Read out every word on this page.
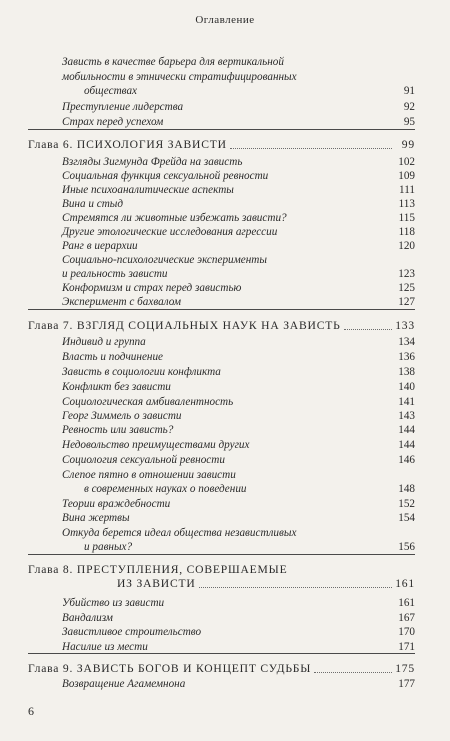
Оглавление
Зависть в качестве барьера для вертикальной
мобильности в этнически стратифицированных
обществах	91
Преступление лидерства	92
Страх перед успехом	95
Глава 6. ПСИХОЛОГИЯ ЗАВИСТИ	99
Взгляды Зигмунда Фрейда на зависть	102
Социальная функция сексуальной ревности	109
Иные психоаналитические аспекты	111
Вина и стыд	113
Стремятся ли животные избежать зависти?	115
Другие этологические исследования агрессии	118
Ранг в иерархии	120
Социально-психологические эксперименты
и реальность зависти	123
Конформизм и страх перед завистью	125
Эксперимент с бахвалом	127
Глава 7. ВЗГЛЯД СОЦИАЛЬНЫХ НАУК НА ЗАВИСТЬ	133
Индивид и группа	134
Власть и подчинение	136
Зависть в социологии конфликта	138
Конфликт без зависти	140
Социологическая амбивалентность	141
Георг Зиммель о зависти	143
Ревность или зависть?	144
Недовольство преимуществами других	144
Социология сексуальной ревности	146
Слепое пятно в отношении зависти
в современных науках о поведении	148
Теории враждебности	152
Вина жертвы	154
Откуда берется идеал общества независтливых
и равных?	156
Глава 8. ПРЕСТУПЛЕНИЯ, СОВЕРШАЕМЫЕ
ИЗ ЗАВИСТИ	161
Убийство из зависти	161
Вандализм	167
Завистливое строительство	170
Насилие из мести	171
Глава 9. ЗАВИСТЬ БОГОВ И КОНЦЕПТ СУДЬБЫ	175
Возвращение Агамемнона	177
6
